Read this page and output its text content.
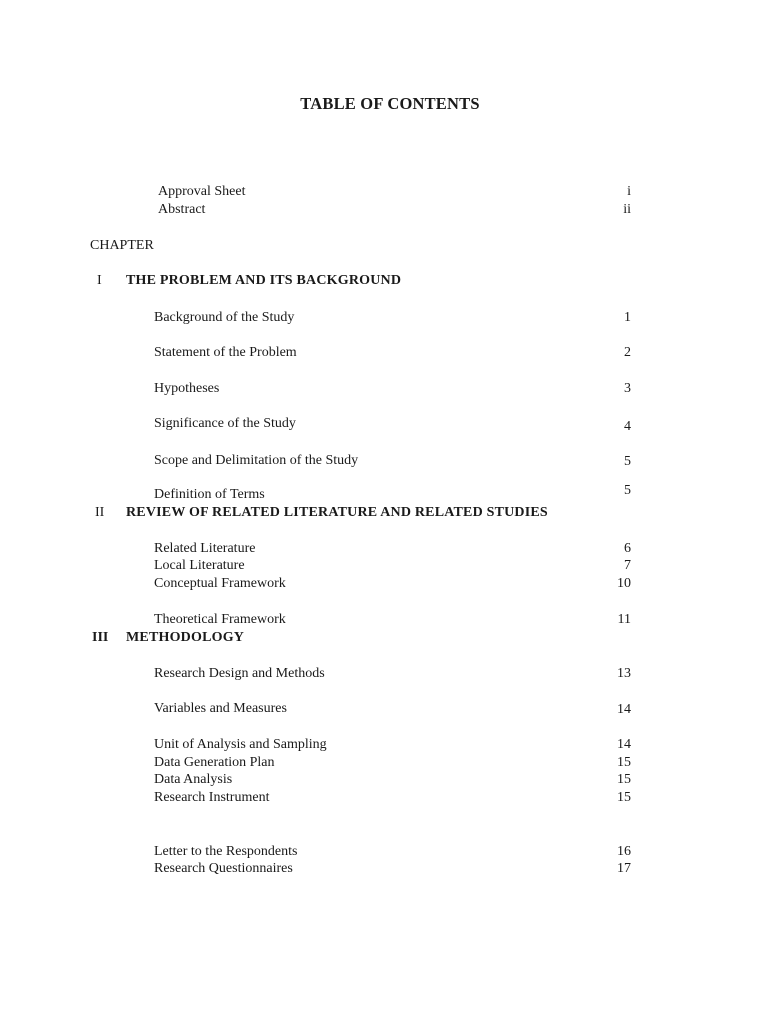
TABLE OF CONTENTS
Approval Sheet	i
Abstract	ii
CHAPTER
I THE PROBLEM AND ITS BACKGROUND
Background of the Study	1
Statement of the Problem	2
Hypotheses	3
Significance of the Study	4
Scope and Delimitation of the Study	5
Definition of Terms	5
II REVIEW OF RELATED LITERATURE AND RELATED STUDIES
Related Literature	6
Local Literature	7
Conceptual Framework	10
Theoretical Framework	11
III METHODOLOGY
Research Design and Methods	13
Variables and Measures	14
Unit of Analysis and Sampling	14
Data Generation Plan	15
Data Analysis	15
Research Instrument	15
Letter to the Respondents	16
Research Questionnaires	17
